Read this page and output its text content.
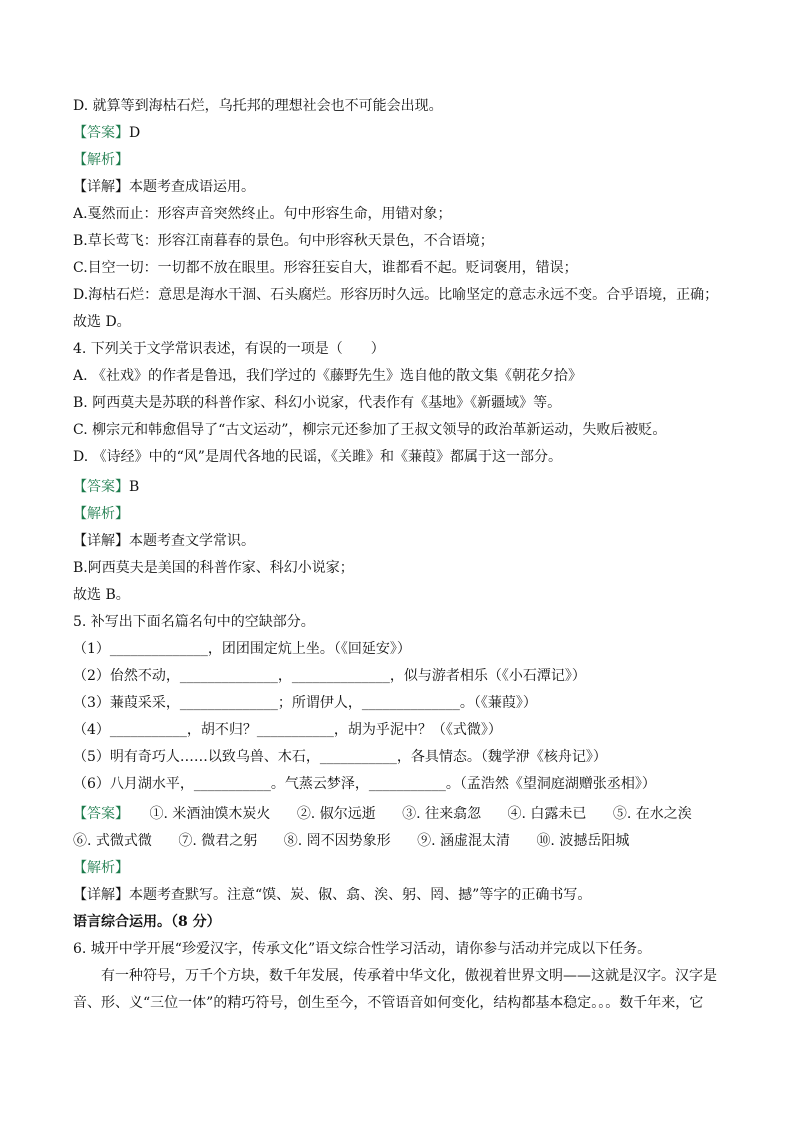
D. 就算等到海枯石烂，乌托邦的理想社会也不可能会出现。
【答案】D
【解析】
【详解】本题考查成语运用。
A.戛然而止：形容声音突然终止。句中形容生命，用错对象；
B.草长莺飞：形容江南暮春的景色。句中形容秋天景色，不合语境；
C.目空一切：一切都不放在眼里。形容狂妄自大，谁都看不起。贬词褒用，错误；
D.海枯石烂：意思是海水干涸、石头腐烂。形容历时久远。比喻坚定的意志永远不变。合乎语境，正确；
故选 D。
4. 下列关于文学常识表述，有误的一项是（　　）
A. 《社戏》的作者是鲁迅，我们学过的《藤野先生》选自他的散文集《朝花夕拾》
B. 阿西莫夫是苏联的科普作家、科幻小说家，代表作有《基地》《新疆域》等。
C. 柳宗元和韩愈倡导了“古文运动”，柳宗元还参加了王叔文领导的政治革新运动，失败后被贬。
D. 《诗经》中的“风”是周代各地的民谣，《关雎》和《蒹葭》都属于这一部分。
【答案】B
【解析】
【详解】本题考查文学常识。
B.阿西莫夫是美国的科普作家、科幻小说家；
故选 B。
5. 补写出下面名篇名句中的空缺部分。
（1）______________，团团围定炕上坐。（《回延安》）
（2）佁然不动，______________，______________，似与游者相乐（《小石潭记》）
（3）蒹葭采采，______________；所谓伊人，______________。（《蒹葭》）
（4）___________，胡不归？___________，胡为乎泥中？（《式微》）
（5）明有奇巧人……以致乌兽、木石，___________，各具情态。（魏学洢《核舟记》）
（6）八月湖水平，___________。气蒸云梦泽，___________。（孟浩然《望洞庭湖赠张丞相》）
【答案】 ①. 米酒油馍木炭火 ②. 俶尔远逝 ③. 往来翕忽 ④. 白露未已 ⑤. 在水之涘
⑥. 式微式微 ⑦. 微君之躬 ⑧. 罔不因势象形 ⑨. 涵虚混太清 ⑩. 波撼岳阳城
【解析】
【详解】本题考查默写。注意“馍、炭、俶、翕、涘、躬、罔、撼”等字的正确书写。
语言综合运用。（8 分）
6. 城开中学开展“珍爱汉字，传承文化”语文综合性学习活动，请你参与活动并完成以下任务。
有一种符号，万千个方块，数千年发展，传承着中华文化，傲视着世界文明——这就是汉字。汉字是
音、形、义“三位一体”的精巧符号，创生至今，不管语音如何变化，结构都基本稳定。。。数千年来，它
